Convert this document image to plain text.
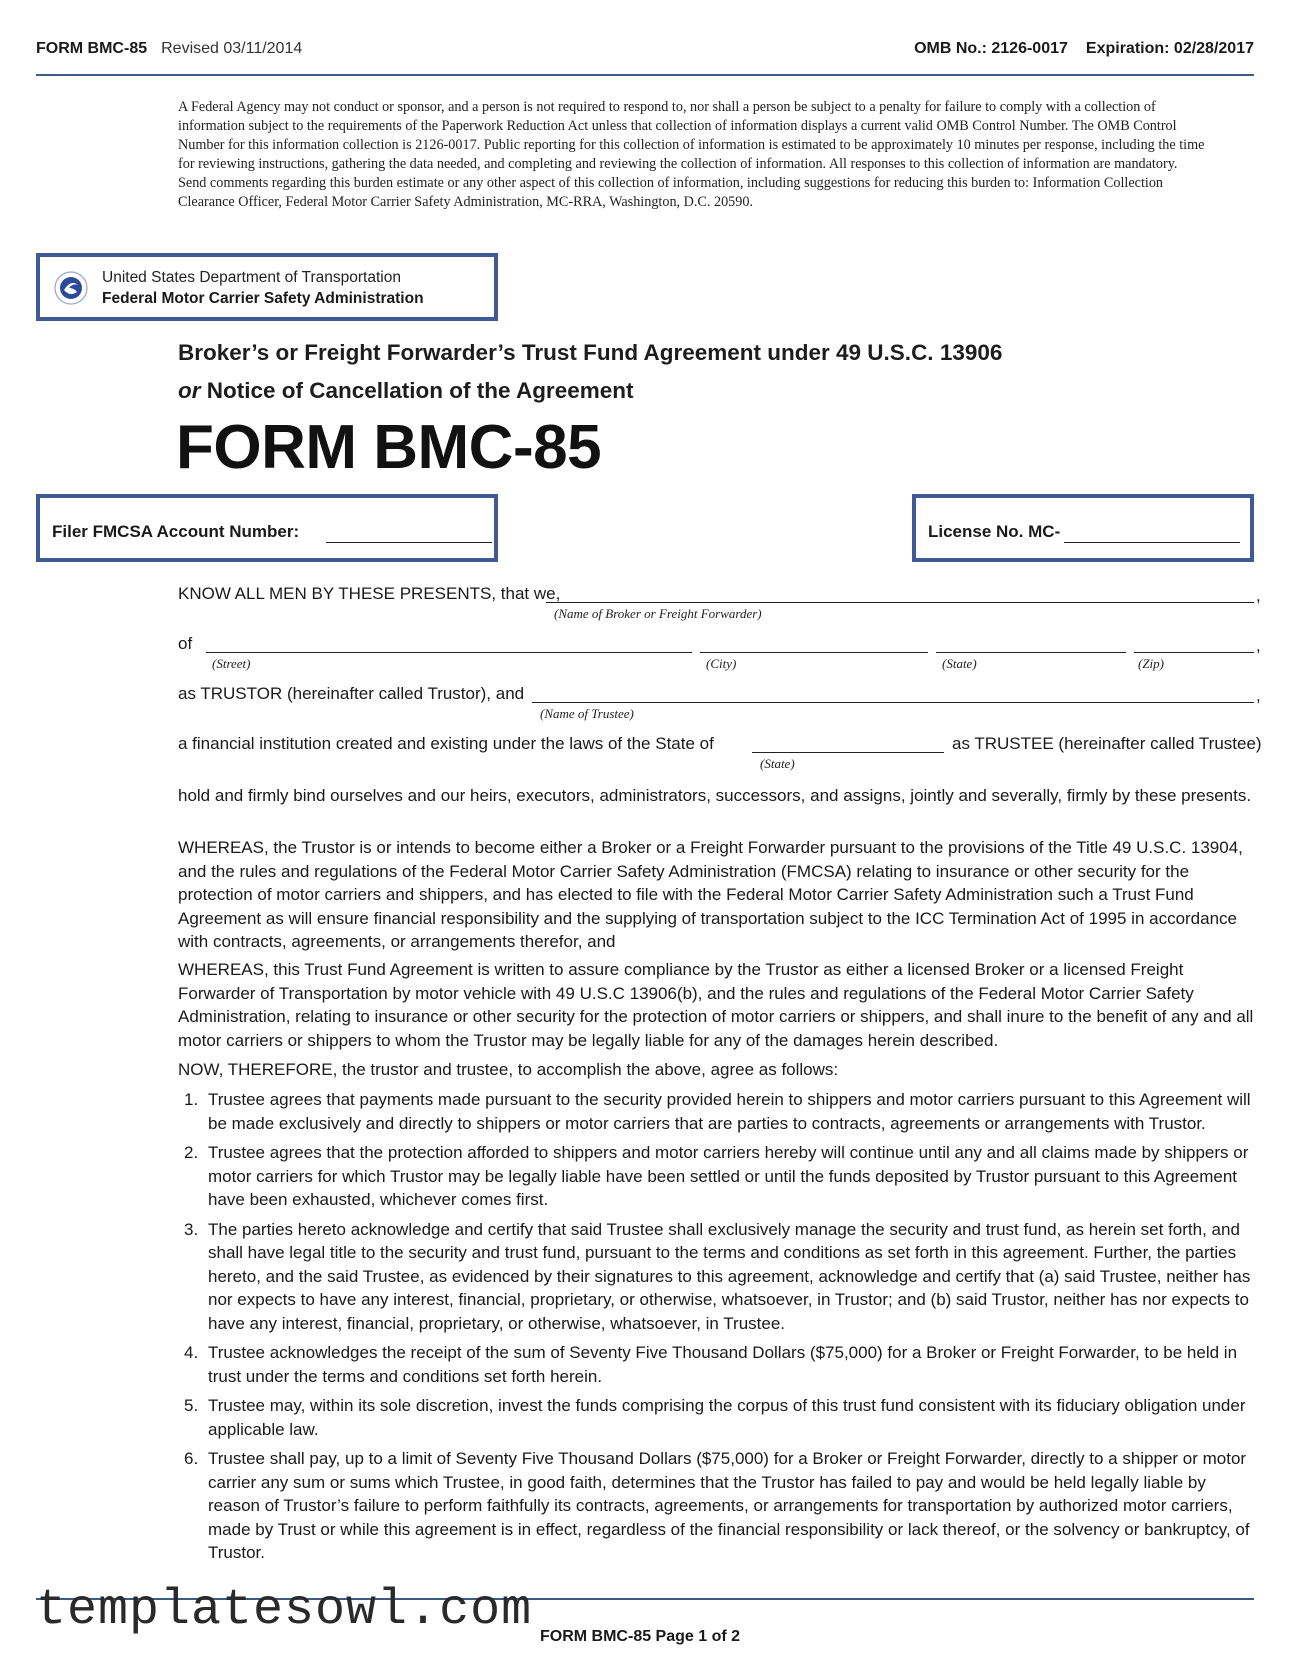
FORM BMC-85 Revised 03/11/2014	OMB No.: 2126-0017 Expiration: 02/28/2017
A Federal Agency may not conduct or sponsor, and a person is not required to respond to, nor shall a person be subject to a penalty for failure to comply with a collection of information subject to the requirements of the Paperwork Reduction Act unless that collection of information displays a current valid OMB Control Number. The OMB Control Number for this information collection is 2126-0017. Public reporting for this collection of information is estimated to be approximately 10 minutes per response, including the time for reviewing instructions, gathering the data needed, and completing and reviewing the collection of information. All responses to this collection of information are mandatory. Send comments regarding this burden estimate or any other aspect of this collection of information, including suggestions for reducing this burden to: Information Collection Clearance Officer, Federal Motor Carrier Safety Administration, MC-RRA, Washington, D.C. 20590.
United States Department of Transportation
Federal Motor Carrier Safety Administration
Broker’s or Freight Forwarder’s Trust Fund Agreement under 49 U.S.C. 13906
or Notice of Cancellation of the Agreement
FORM BMC-85
Filer FMCSA Account Number:	License No. MC-
KNOW ALL MEN BY THESE PRESENTS, that we,	,
(Name of Broker or Freight Forwarder)
of	,
(Street)	(City)	(State)	(Zip)
as TRUSTOR (hereinafter called Trustor), and	,
(Name of Trustee)
a financial institution created and existing under the laws of the State of	as TRUSTEE (hereinafter called Trustee)
(State)
hold and firmly bind ourselves and our heirs, executors, administrators, successors, and assigns, jointly and severally, firmly by these presents.
WHEREAS, the Trustor is or intends to become either a Broker or a Freight Forwarder pursuant to the provisions of the Title 49 U.S.C. 13904, and the rules and regulations of the Federal Motor Carrier Safety Administration (FMCSA) relating to insurance or other security for the protection of motor carriers and shippers, and has elected to file with the Federal Motor Carrier Safety Administration such a Trust Fund Agreement as will ensure financial responsibility and the supplying of transportation subject to the ICC Termination Act of 1995 in accordance with contracts, agreements, or arrangements therefor, and
WHEREAS, this Trust Fund Agreement is written to assure compliance by the Trustor as either a licensed Broker or a licensed Freight Forwarder of Transportation by motor vehicle with 49 U.S.C 13906(b), and the rules and regulations of the Federal Motor Carrier Safety Administration, relating to insurance or other security for the protection of motor carriers or shippers, and shall inure to the benefit of any and all motor carriers or shippers to whom the Trustor may be legally liable for any of the damages herein described.
NOW, THEREFORE, the trustor and trustee, to accomplish the above, agree as follows:
1. Trustee agrees that payments made pursuant to the security provided herein to shippers and motor carriers pursuant to this Agreement will be made exclusively and directly to shippers or motor carriers that are parties to contracts, agreements or arrangements with Trustor.
2. Trustee agrees that the protection afforded to shippers and motor carriers hereby will continue until any and all claims made by shippers or motor carriers for which Trustor may be legally liable have been settled or until the funds deposited by Trustor pursuant to this Agreement have been exhausted, whichever comes first.
3. The parties hereto acknowledge and certify that said Trustee shall exclusively manage the security and trust fund, as herein set forth, and shall have legal title to the security and trust fund, pursuant to the terms and conditions as set forth in this agreement. Further, the parties hereto, and the said Trustee, as evidenced by their signatures to this agreement, acknowledge and certify that (a) said Trustee, neither has nor expects to have any interest, financial, proprietary, or otherwise, whatsoever, in Trustor; and (b) said Trustor, neither has nor expects to have any interest, financial, proprietary, or otherwise, whatsoever, in Trustee.
4. Trustee acknowledges the receipt of the sum of Seventy Five Thousand Dollars ($75,000) for a Broker or Freight Forwarder, to be held in trust under the terms and conditions set forth herein.
5. Trustee may, within its sole discretion, invest the funds comprising the corpus of this trust fund consistent with its fiduciary obligation under applicable law.
6. Trustee shall pay, up to a limit of Seventy Five Thousand Dollars ($75,000) for a Broker or Freight Forwarder, directly to a shipper or motor carrier any sum or sums which Trustee, in good faith, determines that the Trustor has failed to pay and would be held legally liable by reason of Trustor’s failure to perform faithfully its contracts, agreements, or arrangements for transportation by authorized motor carriers, made by Trust or while this agreement is in effect, regardless of the financial responsibility or lack thereof, or the solvency or bankruptcy, of Trustor.
templatesowl.com FORM BMC-85 Page 1 of 2
